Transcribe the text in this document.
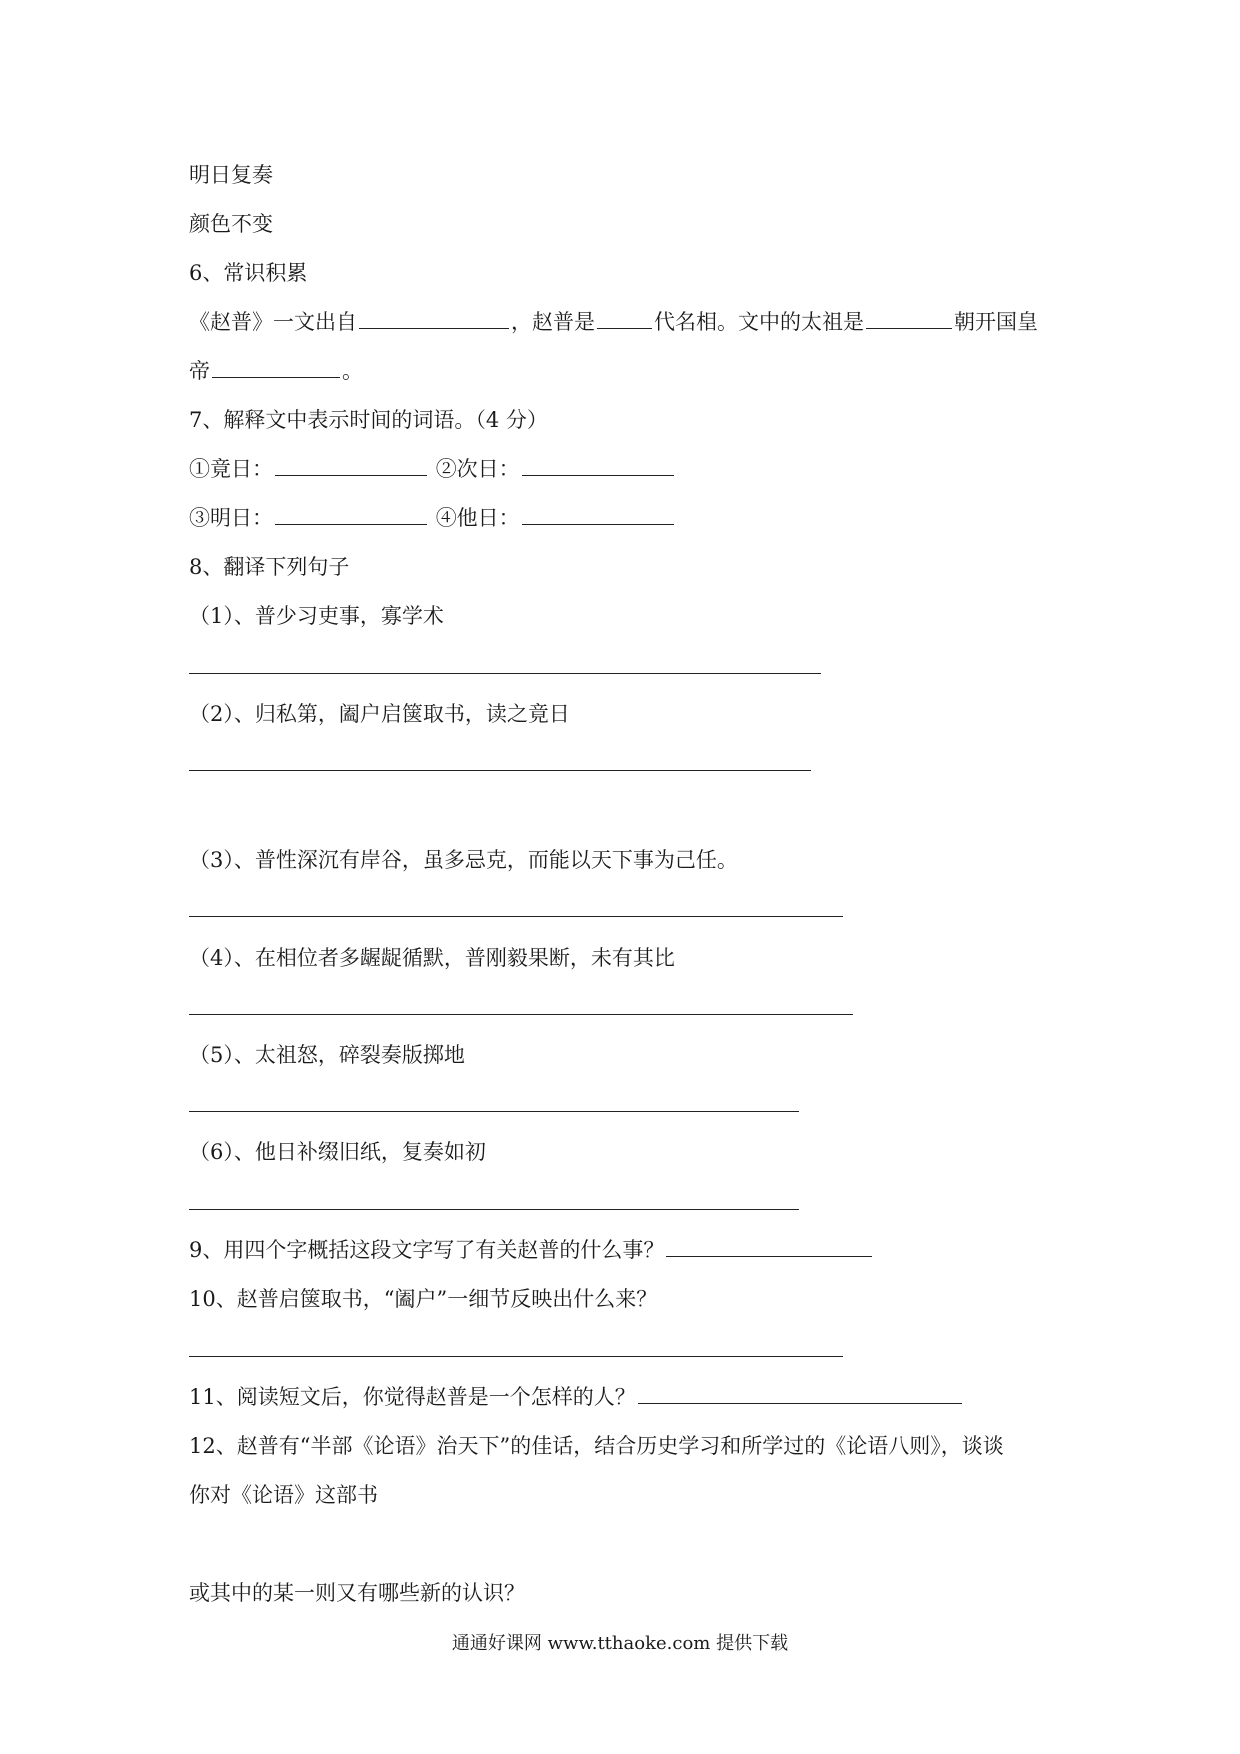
明日复奏
颜色不变
6、常识积累
《赵普》一文出自	，赵普是	代名相。文中的太祖是	朝开国皇
帝	。
7、解释文中表示时间的词语。（4 分）
①竟日：	②次日：
③明日：	④他日：
8、翻译下列句子
（1）、普少习吏事，寡学术
（2）、归私第，阖户启箧取书，读之竟日
（3）、普性深沉有岸谷，虽多忌克，而能以天下事为己任。
（4）、在相位者多龌龊循默，普刚毅果断，未有其比
（5）、太祖怒，碎裂奏版掷地
（6）、他日补缀旧纸，复奏如初
9、用四个字概括这段文字写了有关赵普的什么事？
10、赵普启箧取书，“阖户”一细节反映出什么来？
11、阅读短文后，你觉得赵普是一个怎样的人？
12、赵普有“半部《论语》治天下”的佳话，结合历史学习和所学过的《论语八则》，谈谈
你对《论语》这部书
或其中的某一则又有哪些新的认识？
通通好课网 www.tthaoke.com 提供下载
